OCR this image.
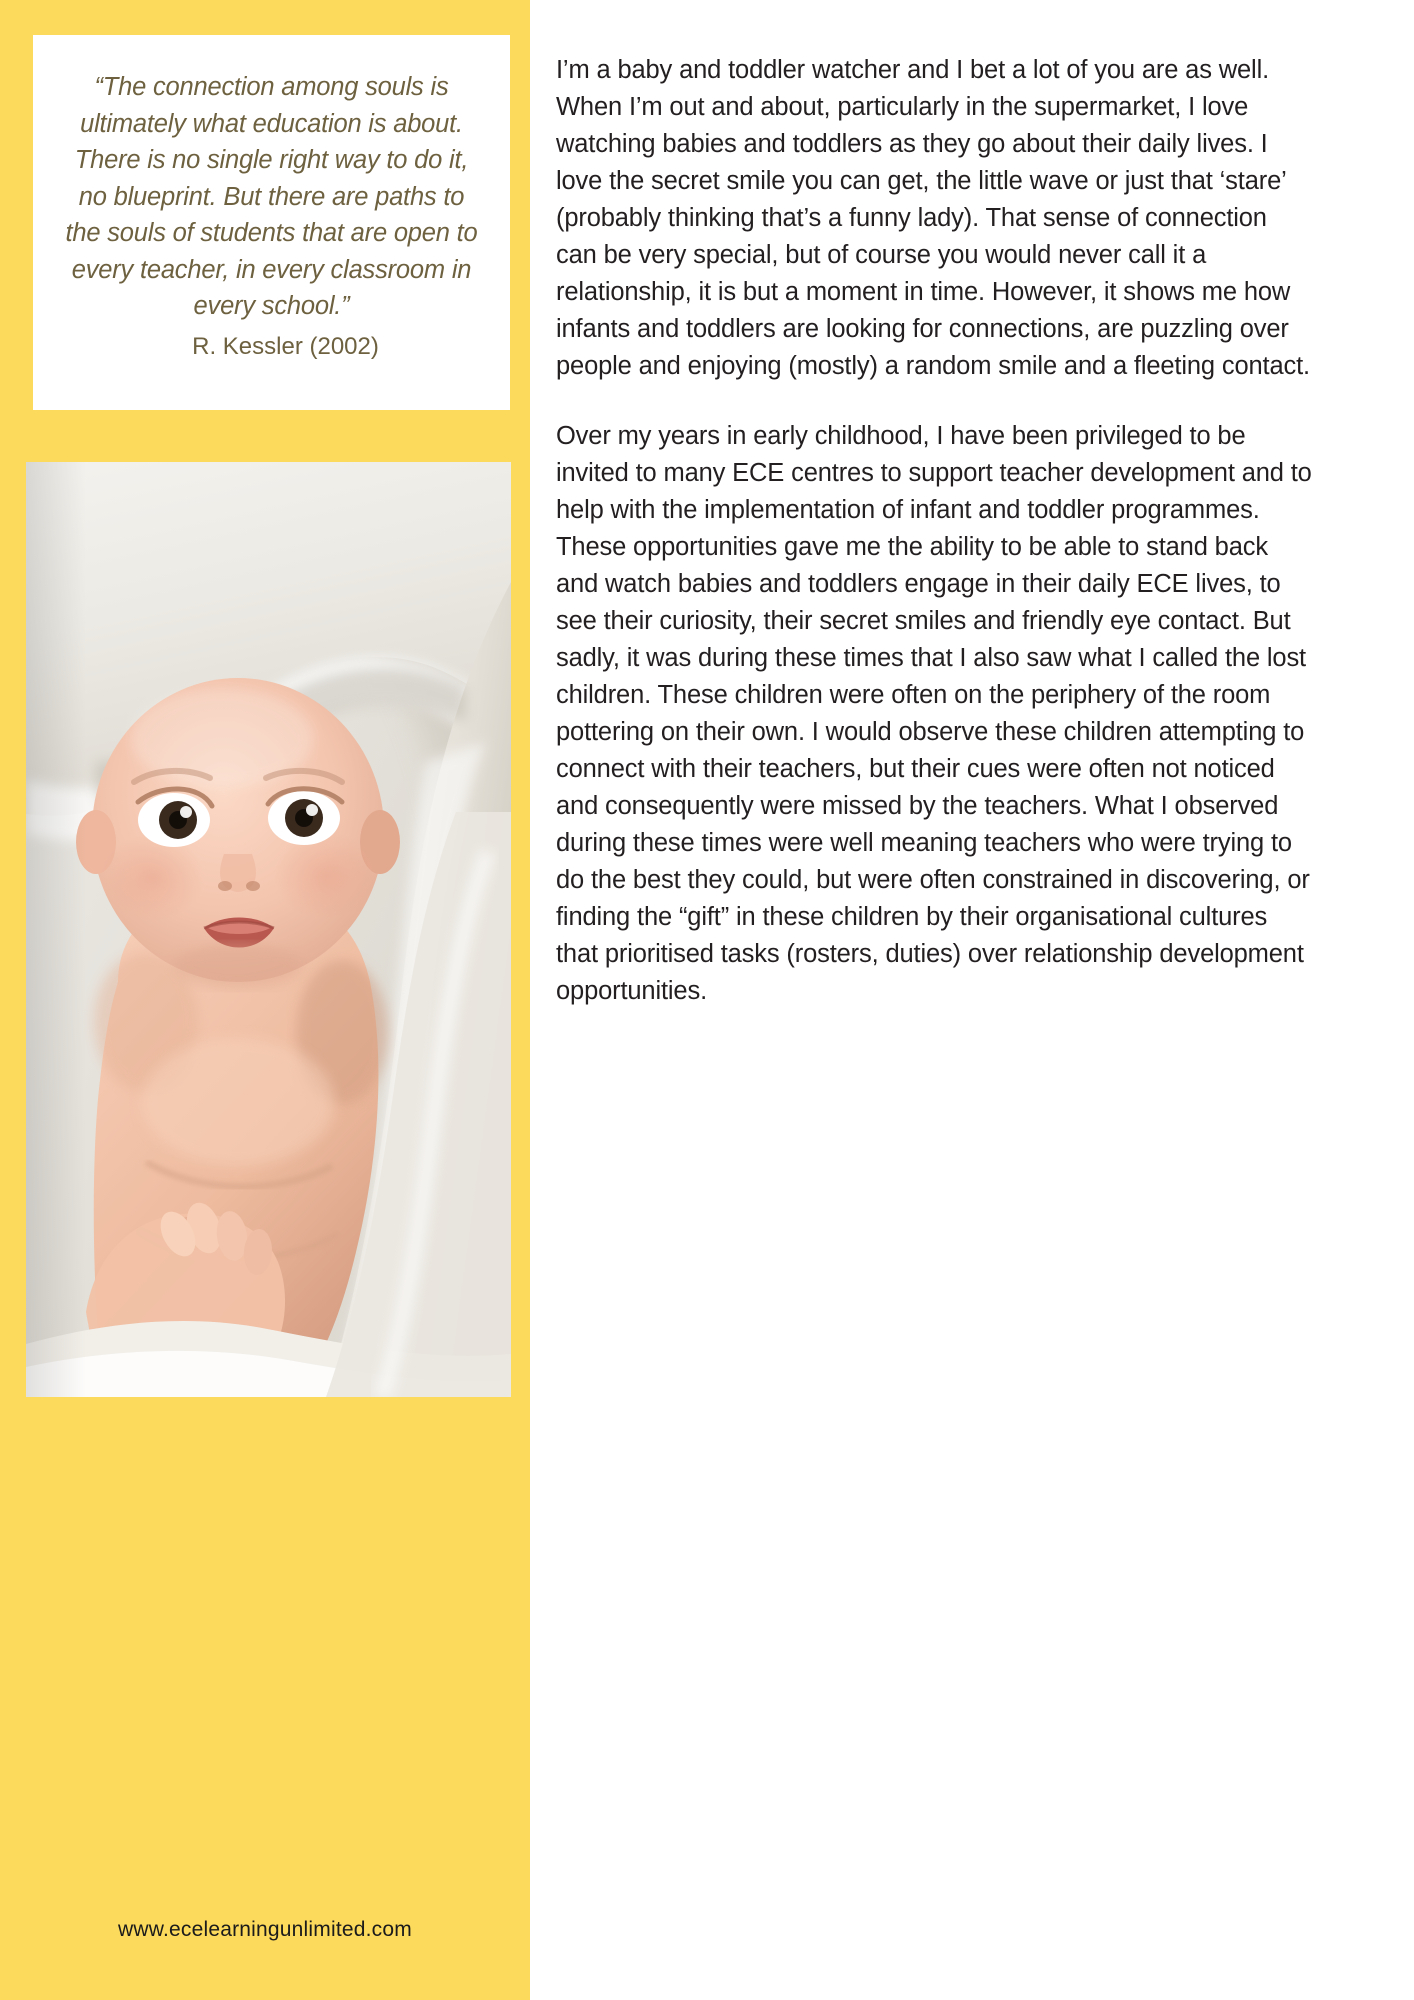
“The connection among souls is ultimately what education is about. There is no single right way to do it, no blueprint. But there are paths to the souls of students that are open to every teacher, in every classroom in every school.”
R. Kessler (2002)
www.ecelearningunlimited.com

I’m a baby and toddler watcher and I bet a lot of you are as well. When I’m out and about, particularly in the supermarket, I love watching babies and toddlers as they go about their daily lives. I love the secret smile you can get, the little wave or just that ‘stare’ (probably thinking that’s a funny lady). That sense of connection can be very special, but of course you would never call it a relationship, it is but a moment in time. However, it shows me how infants and toddlers are looking for connections, are puzzling over people and enjoying (mostly) a random smile and a fleeting contact.

Over my years in early childhood, I have been privileged to be invited to many ECE centres to support teacher development and to help with the implementation of infant and toddler programmes. These opportunities gave me the ability to be able to stand back and watch babies and toddlers engage in their daily ECE lives, to see their curiosity, their secret smiles and friendly eye contact. But sadly, it was during these times that I also saw what I called the lost children. These children were often on the periphery of the room pottering on their own. I would observe these children attempting to connect with their teachers, but their cues were often not noticed and consequently were missed by the teachers. What I observed during these times were well meaning teachers who were trying to do the best they could, but were often constrained in discovering, or finding the “gift” in these children by their organisational cultures that prioritised tasks (rosters, duties) over relationship development opportunities.
